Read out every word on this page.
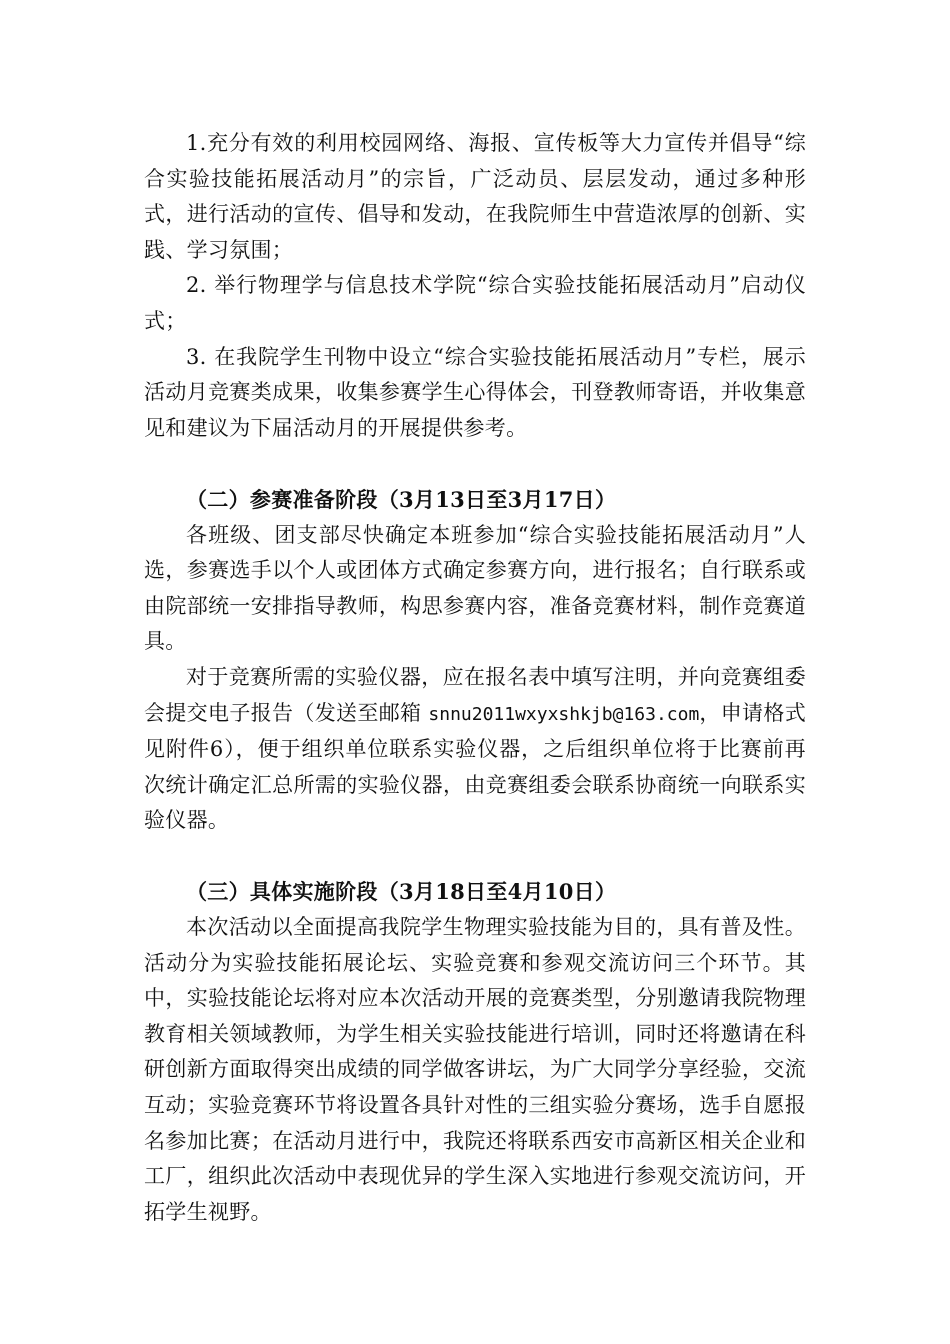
1.充分有效的利用校园网络、海报、宣传板等大力宣传并倡导“综合实验技能拓展活动月”的宗旨，广泛动员、层层发动，通过多种形式，进行活动的宣传、倡导和发动，在我院师生中营造浓厚的创新、实践、学习氛围；

2. 举行物理学与信息技术学院“综合实验技能拓展活动月”启动仪式；

3. 在我院学生刊物中设立“综合实验技能拓展活动月”专栏，展示活动月竞赛类成果，收集参赛学生心得体会，刊登教师寄语，并收集意见和建议为下届活动月的开展提供参考。

（二）参赛准备阶段（3月13日至3月17日）

各班级、团支部尽快确定本班参加“综合实验技能拓展活动月”人选，参赛选手以个人或团体方式确定参赛方向，进行报名；自行联系或由院部统一安排指导教师，构思参赛内容，准备竞赛材料，制作竞赛道具。

对于竞赛所需的实验仪器，应在报名表中填写注明，并向竞赛组委会提交电子报告（发送至邮箱 snnu2011wxyxshkjb@163.com，申请格式见附件6），便于组织单位联系实验仪器，之后组织单位将于比赛前再次统计确定汇总所需的实验仪器，由竞赛组委会联系协商统一向联系实验仪器。

（三）具体实施阶段（3月18日至4月10日）

本次活动以全面提高我院学生物理实验技能为目的，具有普及性。活动分为实验技能拓展论坛、实验竞赛和参观交流访问三个环节。其中，实验技能论坛将对应本次活动开展的竞赛类型，分别邀请我院物理教育相关领域教师，为学生相关实验技能进行培训，同时还将邀请在科研创新方面取得突出成绩的同学做客讲坛，为广大同学分享经验，交流互动；实验竞赛环节将设置各具针对性的三组实验分赛场，选手自愿报名参加比赛；在活动月进行中，我院还将联系西安市高新区相关企业和工厂，组织此次活动中表现优异的学生深入实地进行参观交流访问，开拓学生视野。
